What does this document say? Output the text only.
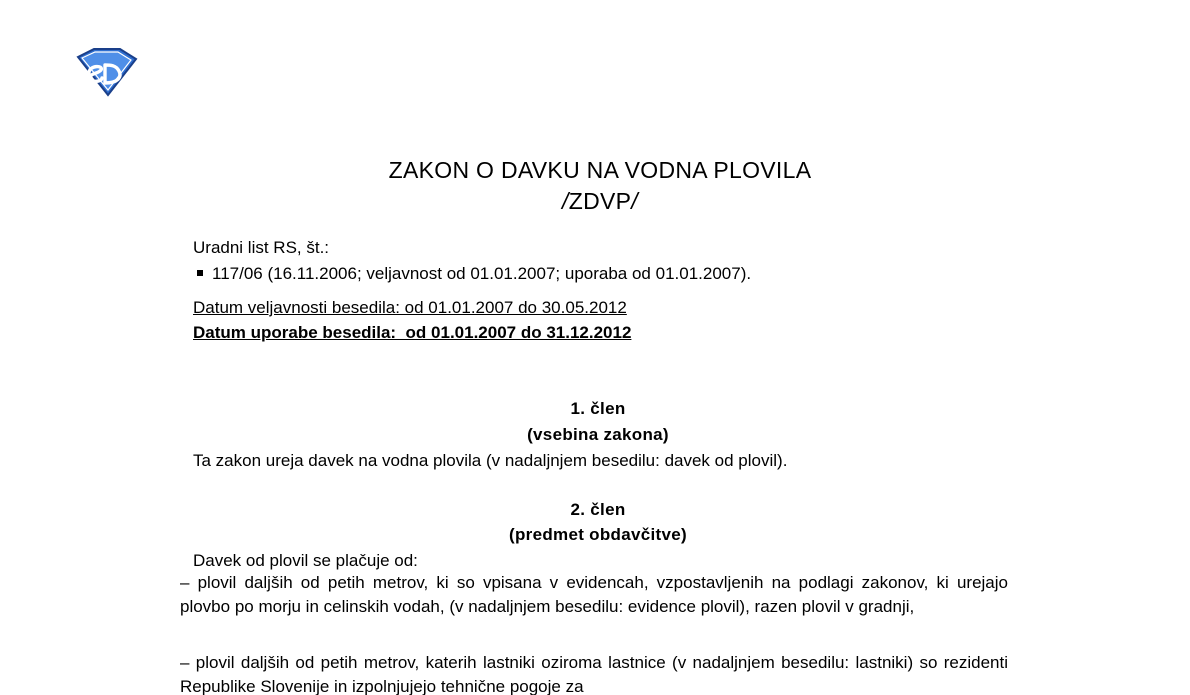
ZAKON O DAVKU NA VODNA PLOVILA
/ZDVP/
Uradni list RS, št.:
117/06 (16.11.2006; veljavnost od 01.01.2007; uporaba od 01.01.2007).
Datum veljavnosti besedila: od 01.01.2007 do 30.05.2012
Datum uporabe besedila:  od 01.01.2007 do 31.12.2012
1. člen
(vsebina zakona)
Ta zakon ureja davek na vodna plovila (v nadaljnjem besedilu: davek od plovil).
2. člen
(predmet obdavčitve)
Davek od plovil se plačuje od:
– plovil daljših od petih metrov, ki so vpisana v evidencah, vzpostavljenih na podlagi zakonov, ki urejajo plovbo po morju in celinskih vodah, (v nadaljnjem besedilu: evidence plovil), razen plovil v gradnji,
– plovil daljših od petih metrov, katerih lastniki oziroma lastnice (v nadaljnjem besedilu: lastniki) so rezidenti Republike Slovenije in izpolnjujejo tehnične pogoje za
